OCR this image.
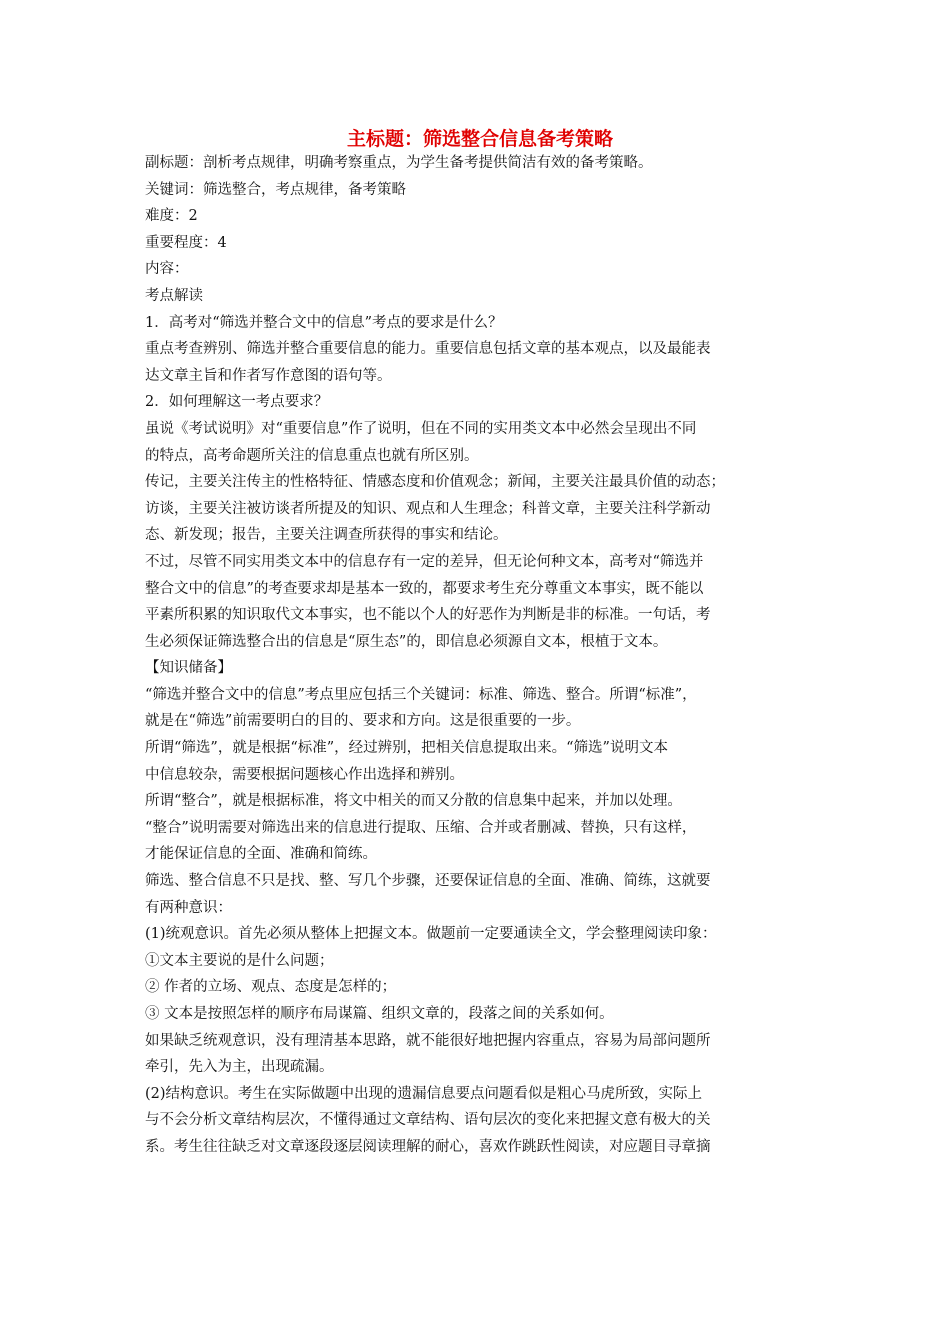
主标题：筛选整合信息备考策略
副标题：剖析考点规律，明确考察重点，为学生备考提供简洁有效的备考策略。
关键词：筛选整合，考点规律，备考策略
难度：2
重要程度：4
内容：
考点解读
1．高考对“筛选并整合文中的信息”考点的要求是什么？
重点考查辨别、筛选并整合重要信息的能力。重要信息包括文章的基本观点，以及最能表
达文章主旨和作者写作意图的语句等。
2．如何理解这一考点要求？
虽说《考试说明》对“重要信息”作了说明，但在不同的实用类文本中必然会呈现出不同
的特点，高考命题所关注的信息重点也就有所区别。
传记，主要关注传主的性格特征、情感态度和价值观念；新闻，主要关注最具价值的动态；
访谈，主要关注被访谈者所提及的知识、观点和人生理念；科普文章，主要关注科学新动
态、新发现；报告，主要关注调查所获得的事实和结论。
不过，尽管不同实用类文本中的信息存有一定的差异，但无论何种文本，高考对“筛选并
整合文中的信息”的考查要求却是基本一致的，都要求考生充分尊重文本事实，既不能以
平素所积累的知识取代文本事实，也不能以个人的好恶作为判断是非的标准。一句话，考
生必须保证筛选整合出的信息是“原生态”的，即信息必须源自文本，根植于文本。
【知识储备】
“筛选并整合文中的信息”考点里应包括三个关键词：标准、筛选、整合。所谓“标准”，
就是在“筛选”前需要明白的目的、要求和方向。这是很重要的一步。
所谓“筛选”，就是根据“标准”，经过辨别，把相关信息提取出来。“筛选”说明文本
中信息较杂，需要根据问题核心作出选择和辨别。
所谓“整合”，就是根据标准，将文中相关的而又分散的信息集中起来，并加以处理。
“整合”说明需要对筛选出来的信息进行提取、压缩、合并或者删减、替换，只有这样，
才能保证信息的全面、准确和简练。
筛选、整合信息不只是找、整、写几个步骤，还要保证信息的全面、准确、简练，这就要
有两种意识：
(1)统观意识。首先必须从整体上把握文本。做题前一定要通读全文，学会整理阅读印象：
①文本主要说的是什么问题；
② 作者的立场、观点、态度是怎样的；
③ 文本是按照怎样的顺序布局谋篇、组织文章的，段落之间的关系如何。
如果缺乏统观意识，没有理清基本思路，就不能很好地把握内容重点，容易为局部问题所
牵引，先入为主，出现疏漏。
(2)结构意识。考生在实际做题中出现的遗漏信息要点问题看似是粗心马虎所致，实际上
与不会分析文章结构层次，不懂得通过文章结构、语句层次的变化来把握文意有极大的关
系。考生往往缺乏对文章逐段逐层阅读理解的耐心，喜欢作跳跃性阅读，对应题目寻章摘
